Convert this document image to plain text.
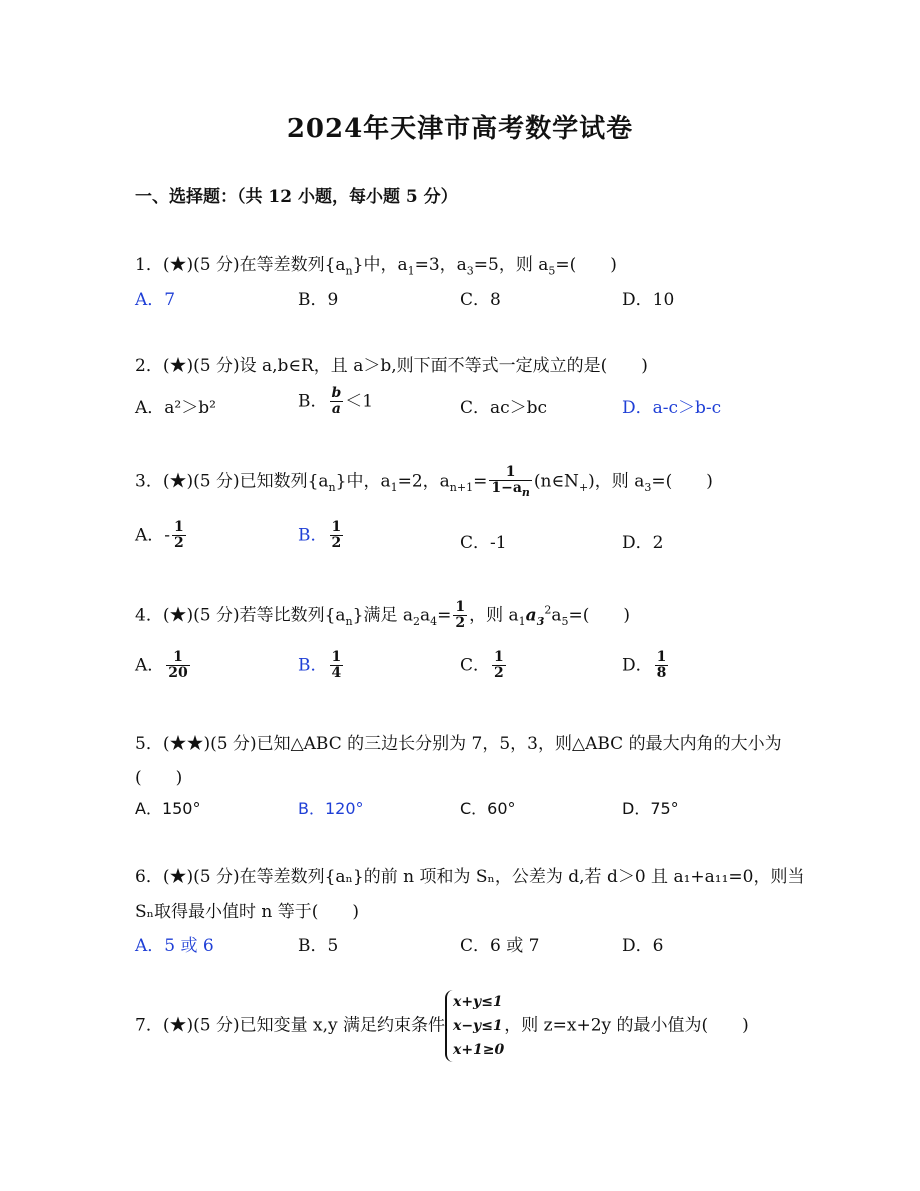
2024年天津市高考数学试卷
一、选择题：（共 12 小题，每小题 5 分）
1．(★)(5 分)在等差数列$\{a_n\}$中，$a_1=3$，$a_3=5$，则 $a_5=$(　　)
A．7	B．9	C．8	D．10
2．(★)(5 分)设 a,b∈R，且 a＞b,则下面不等式一定成立的是(　　)
A．a²＞b²	B． $\frac{b}{a} <1$	C．ac＞bc	D．a-c＞b-c
3．(★)(5 分)已知数列$\{a_n\}$中，$a_1=2$，$a_{n+1}= \frac{1}{1-a_n}$ $(n\in N_+)$，则 $a_3=$(　　)
A．- $\frac{1}{2}$	B． $\frac{1}{2}$	C．-1	D．2
4．(★)(5 分)若等比数列$\{a_n\}$满足 $a_2a_4= \frac{1}{2}$ ，则 $a_1a_3^2a_5=$(　　)
A． $\frac{1}{20}$	B． $\frac{1}{4}$	C． $\frac{1}{2}$	D． $\frac{1}{8}$
5．(★★)(5 分)已知△ABC 的三边长分别为 7，5，3，则△ABC 的最大内角的大小为
(　　)
A．150°	B．120°	C．60°	D．75°
6．(★)(5 分)在等差数列{aₙ}的前 n 项和为 Sₙ，公差为 d,若 d＞0 且 a₁+a₁₁=0，则当
Sₙ取得最小值时 n 等于(　　)
A．5 或 6	B．5	C．6 或 7	D．6
7．(★)(5 分)已知变量 x,y 满足约束条件
x+y≤1
x−y≤1
x+1≥0
，则 z=x+2y 的最小值为(　　)
